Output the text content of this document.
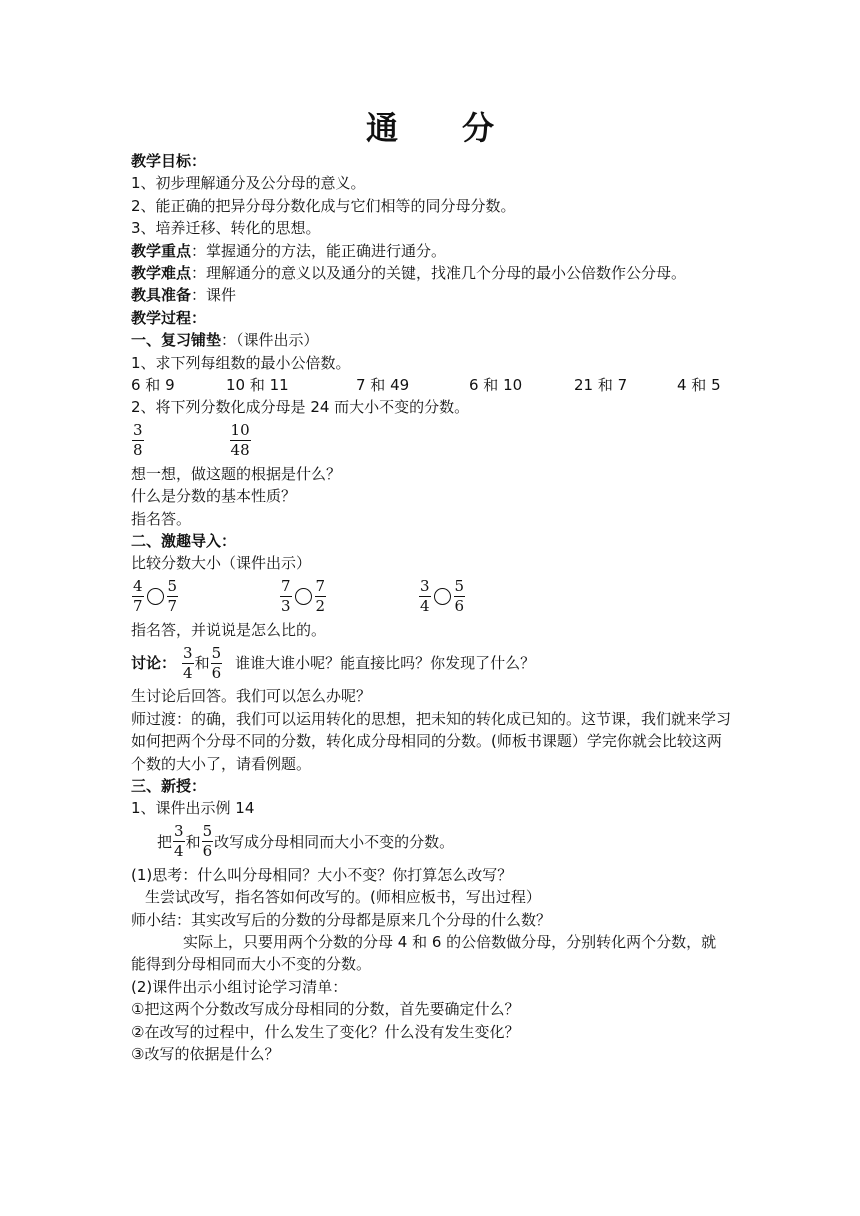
通 分

教学目标：

1、初步理解通分及公分母的意义。

2、能正确的把异分母分数化成与它们相等的同分母分数。

3、培养迁移、转化的思想。

教学重点：掌握通分的方法，能正确进行通分。

教学难点：理解通分的意义以及通分的关键，找准几个分母的最小公倍数作公分母。

教具准备：课件

教学过程：

一、复习铺垫：（课件出示）

1、求下列每组数的最小公倍数。

6 和 9	10 和 11	7 和 49	6 和 10	21 和 7	4 和 5

2、将下列分数化成分母是 24 而大小不变的分数。

$\frac{3}{8}$	$\frac{10}{48}$

想一想，做这题的根据是什么？

什么是分数的基本性质？

指名答。

二、激趣导入：

比较分数大小（课件出示）

$\frac{4}{7} \frac{5}{7}$	$\frac{7}{3} \frac{7}{2}$	$\frac{3}{4} \frac{5}{6}$

指名答，并说说是怎么比的。

讨论： $\frac{3}{4}$ 和 $\frac{5}{6}$ 谁谁大谁小呢？能直接比吗？你发现了什么？

生讨论后回答。我们可以怎么办呢？

师过渡：的确，我们可以运用转化的思想，把未知的转化成已知的。这节课，我们就来学习如何把两个分母不同的分数，转化成分母相同的分数。(师板书课题）学完你就会比较这两个数的大小了，请看例题。

三、新授：

1、课件出示例 14

把 $\frac{3}{4}$ 和 $\frac{5}{6}$ 改写成分母相同而大小不变的分数。

(1)思考：什么叫分母相同？大小不变？你打算怎么改写？

生尝试改写，指名答如何改写的。(师相应板书，写出过程）

师小结：其实改写后的分数的分母都是原来几个分母的什么数？

实际上，只要用两个分数的分母 4 和 6 的公倍数做分母，分别转化两个分数，就能得到分母相同而大小不变的分数。

(2)课件出示小组讨论学习清单：

①把这两个分数改写成分母相同的分数，首先要确定什么？

②在改写的过程中，什么发生了变化？什么没有发生变化？

③改写的依据是什么？
